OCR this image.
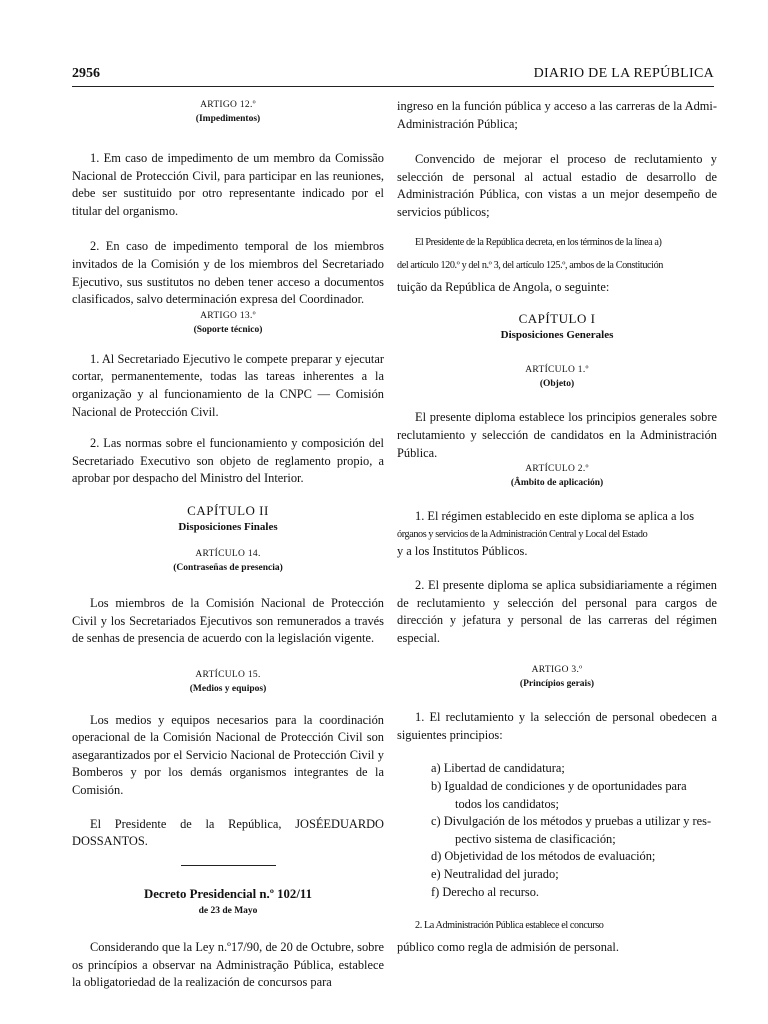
2956	DIARIO DE LA REPÚBLICA
ARTIGO 12.º
(Impedimentos)

1. Em caso de impedimento de um membro da Comissão Nacional de Protección Civil, para participar en las reuniones, debe ser sustituido por otro representante indicado por el titular del organismo.

2. En caso de impedimento temporal de los miembros invitados de la Comisión y de los miembros del Secretariado Ejecutivo, sus sustitutos no deben tener acceso a documentos clasificados, salvo determinación expresa del Coordinador.

ARTIGO 13.º
(Soporte técnico)

1. Al Secretariado Ejecutivo le compete preparar y ejecutar cortar, permanentemente, todas las tareas inherentes a la organização y al funcionamiento de la CNPC — Comisión Nacional de Protección Civil.

2. Las normas sobre el funcionamiento y composición del Secretariado Executivo son objeto de reglamento propio, a aprobar por despacho del Ministro del Interior.

CAPÍTULO II
Disposiciones Finales
ARTÍCULO 14.
(Contraseñas de presencia)

Los miembros de la Comisión Nacional de Protección Civil y los Secretariados Ejecutivos son remunerados a través de senhas de presencia de acuerdo con la legislación vigente.

ARTÍCULO 15.
(Medios y equipos)

Los medios y equipos necesarios para la coordinación operacional de la Comisión Nacional de Protección Civil son asegarantizados por el Servicio Nacional de Protección Civil y Bomberos y por los demás organismos integrantes de la Comisión.

El Presidente de la República, JOSÉEDUARDO DOSSANTOS.

Decreto Presidencial n.º 102/11
de 23 de Mayo

Considerando que la Ley n.º17/90, de 20 de Octubre, sobre os princípios a observar na Administração Pública, establece la obligatoriedad de la realización de concursos para

ingreso en la función pública y acceso a las carreras de la Admi-Administración Pública;

Convencido de mejorar el proceso de reclutamiento y selección de personal al actual estadio de desarrollo de Administración Pública, con vistas a un mejor desempeño de servicios públicos;

El Presidente de la República decreta, en los términos de la línea a)
del artículo 120.º y del n.º 3, del artículo 125.º, ambos de la Constitución
tuição da República de Angola, o seguinte:
CAPÍTULO I
Disposiciones Generales
ARTÍCULO 1.º
(Objeto)

El presente diploma establece los principios generales sobre reclutamiento y selección de candidatos en la Administración Pública.

ARTÍCULO 2.º
(Âmbito de aplicación)
1. El régimen establecido en este diploma se aplica a los
órganos y servicios de la Administración Central y Local del Estado
y a los Institutos Públicos.

2. El presente diploma se aplica subsidiariamente a régimen de reclutamiento y selección del personal para cargos de dirección y jefatura y personal de las carreras del régimen especial.

ARTIGO 3.º
(Princípios gerais)

1. El reclutamiento y la selección de personal obedecen a siguientes principios:

a) Libertad de candidatura;
b) Igualdad de condiciones y de oportunidades para
todos los candidatos;
c) Divulgación de los métodos y pruebas a utilizar y res-
pectivo sistema de clasificación;
d) Objetividad de los métodos de evaluación;
e) Neutralidad del jurado;
f) Derecho al recurso.
2. La Administración Pública establece el concurso
público como regla de admisión de personal.
